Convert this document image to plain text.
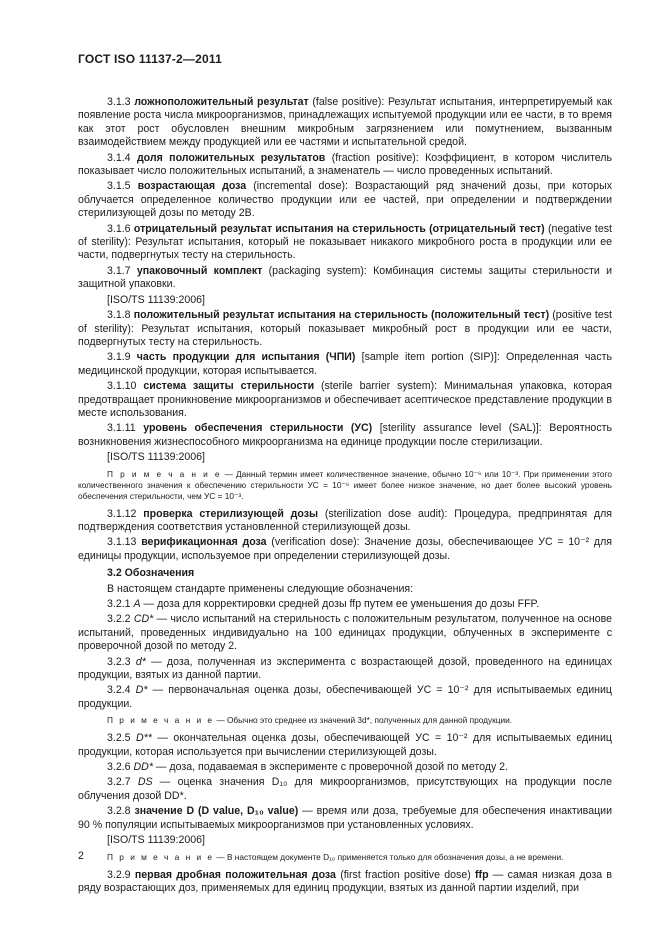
ГОСТ ISO 11137-2—2011

3.1.3 ложноположительный результат (false positive): Результат испытания, интерпретируемый как появление роста числа микроорганизмов, принадлежащих испытуемой продукции или ее части, в то время как этот рост обусловлен внешним микробным загрязнением или помутнением, вызванным взаимодействием между продукцией или ее частями и испытательной средой.

3.1.4 доля положительных результатов (fraction positive): Коэффициент, в котором числитель показывает число положительных испытаний, а знаменатель — число проведенных испытаний.

3.1.5 возрастающая доза (incremental dose): Возрастающий ряд значений дозы, при которых облучается определенное количество продукции или ее частей, при определении и подтверждении стерилизующей дозы по методу 2В.

3.1.6 отрицательный результат испытания на стерильность (отрицательный тест) (negative test of sterility): Результат испытания, который не показывает никакого микробного роста в продукции или ее части, подвергнутых тесту на стерильность.

3.1.7 упаковочный комплект (packaging system): Комбинация системы защиты стерильности и защитной упаковки.

[ISO/TS 11139:2006]

3.1.8 положительный результат испытания на стерильность (положительный тест) (positive test of sterility): Результат испытания, который показывает микробный рост в продукции или ее части, подвергнутых тесту на стерильность.

3.1.9 часть продукции для испытания (ЧПИ) [sample item portion (SIP)]: Определенная часть медицинской продукции, которая испытывается.

3.1.10 система защиты стерильности (sterile barrier system): Минимальная упаковка, которая предотвращает проникновение микроорганизмов и обеспечивает асептическое представление продукции в месте использования.

3.1.11 уровень обеспечения стерильности (УС) [sterility assurance level (SAL)]: Вероятность возникновения жизнеспособного микроорганизма на единице продукции после стерилизации.

[ISO/TS 11139:2006]

П р и м е ч а н и е — Данный термин имеет количественное значение, обычно 10⁻⁶ или 10⁻³. При применении этого количественного значения к обеспечению стерильности УС = 10⁻⁶ имеет более низкое значение, но дает более высокий уровень обеспечения стерильности, чем УС = 10⁻³.

3.1.12 проверка стерилизующей дозы (sterilization dose audit): Процедура, предпринятая для подтверждения соответствия установленной стерилизующей дозы.

3.1.13 верификационная доза (verification dose): Значение дозы, обеспечивающее УС = 10⁻² для единицы продукции, используемое при определении стерилизующей дозы.

3.2 Обозначения

В настоящем стандарте применены следующие обозначения:

3.2.1 A — доза для корректировки средней дозы ffp путем ее уменьшения до дозы FFP.

3.2.2 CD* — число испытаний на стерильность с положительным результатом, полученное на основе испытаний, проведенных индивидуально на 100 единицах продукции, облученных в эксперименте с проверочной дозой по методу 2.

3.2.3 d* — доза, полученная из эксперимента с возрастающей дозой, проведенного на единицах продукции, взятых из данной партии.

3.2.4 D* — первоначальная оценка дозы, обеспечивающей УС = 10⁻² для испытываемых единиц продукции.

П р и м е ч а н и е — Обычно это среднее из значений 3d*, полученных для данной продукции.

3.2.5 D** — окончательная оценка дозы, обеспечивающей УС = 10⁻² для испытываемых единиц продукции, которая используется при вычислении стерилизующей дозы.

3.2.6 DD* — доза, подаваемая в эксперименте с проверочной дозой по методу 2.

3.2.7 DS — оценка значения D₁₀ для микроорганизмов, присутствующих на продукции после облучения дозой DD*.

3.2.8 значение D (D value, D₁₀ value) — время или доза, требуемые для обеспечения инактивации 90 % популяции испытываемых микроорганизмов при установленных условиях.

[ISO/TS 11139:2006]

П р и м е ч а н и е — В настоящем документе D₁₀ применяется только для обозначения дозы, а не времени.

3.2.9 первая дробная положительная доза (first fraction positive dose) ffp — самая низкая доза в ряду возрастающих доз, применяемых для единиц продукции, взятых из данной партии изделий, при

2
